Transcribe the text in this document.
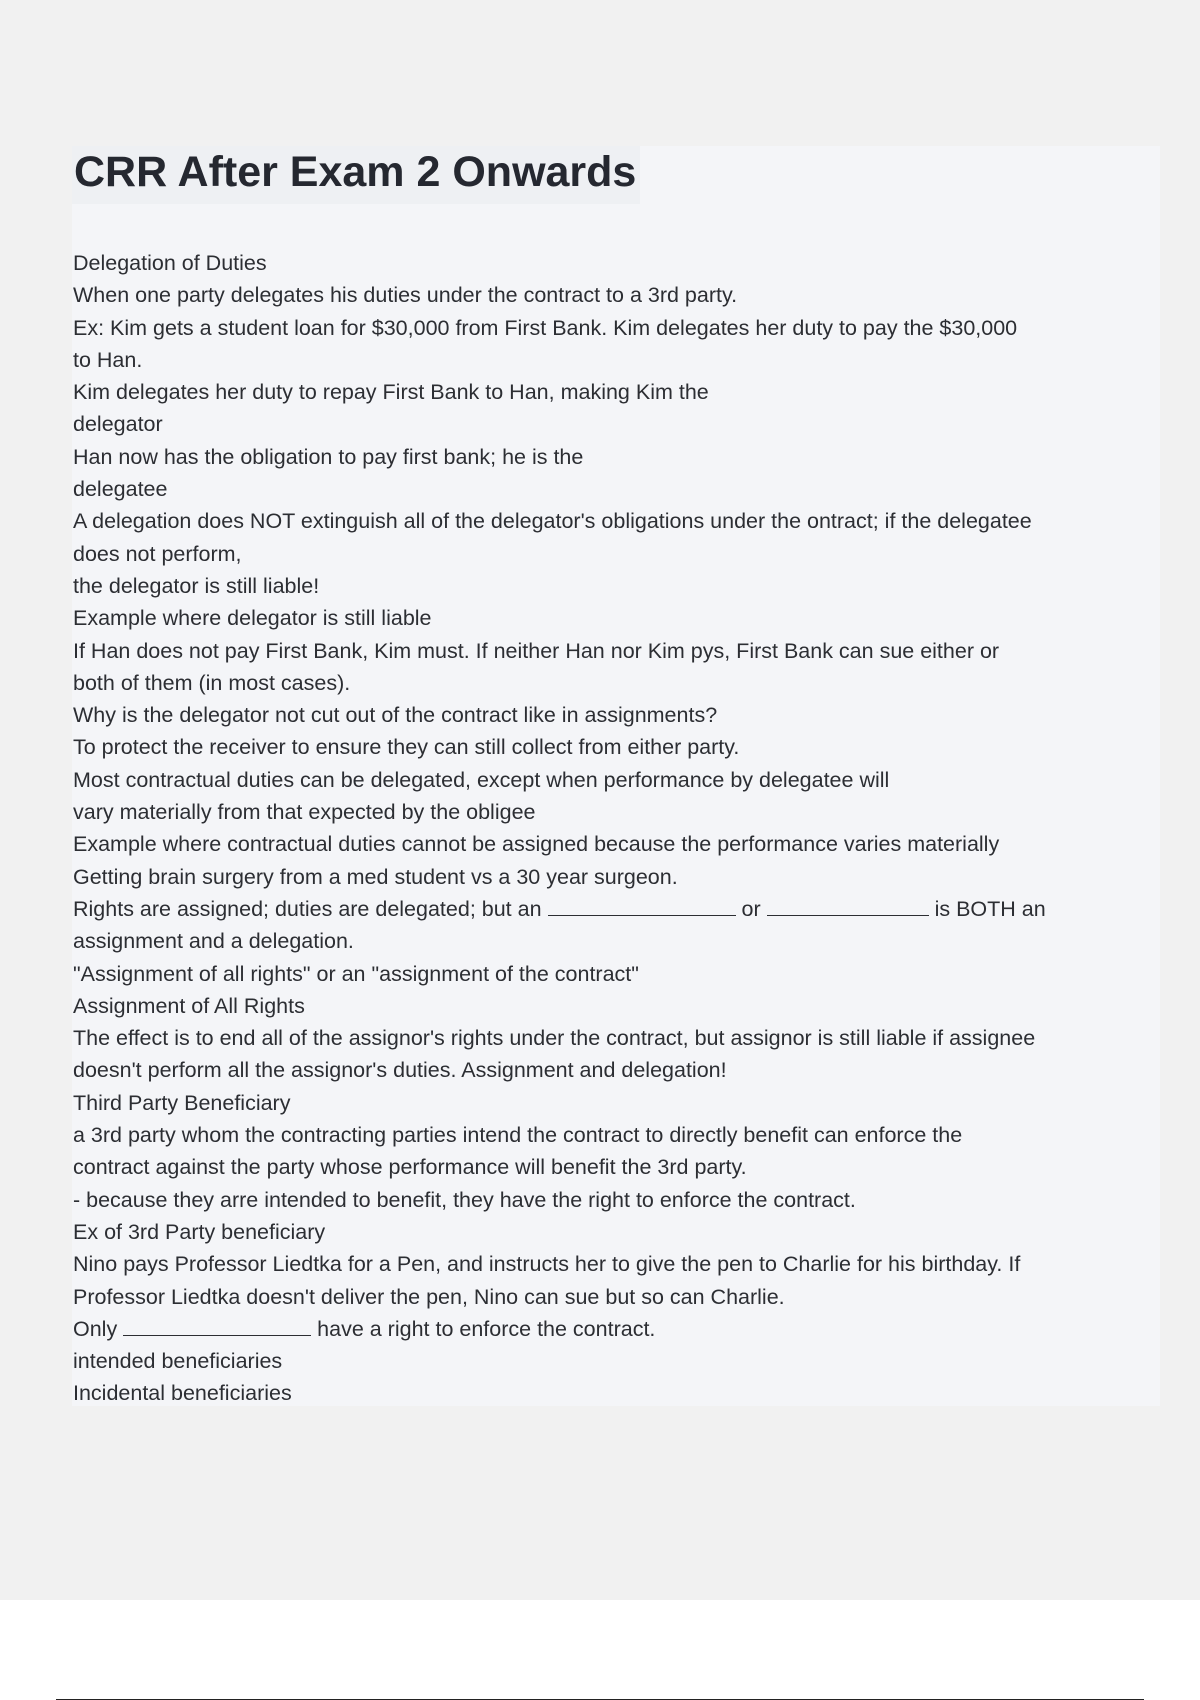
CRR After Exam 2 Onwards
Delegation of Duties
When one party delegates his duties under the contract to a 3rd party.
Ex: Kim gets a student loan for $30,000 from First Bank. Kim delegates her duty to pay the $30,000
to Han.
Kim delegates her duty to repay First Bank to Han, making Kim the
delegator
Han now has the obligation to pay first bank; he is the
delegatee
A delegation does NOT extinguish all of the delegator's obligations under the ontract; if the delegatee
does not perform,
the delegator is still liable!
Example where delegator is still liable
If Han does not pay First Bank, Kim must. If neither Han nor Kim pys, First Bank can sue either or
both of them (in most cases).
Why is the delegator not cut out of the contract like in assignments?
To protect the receiver to ensure they can still collect from either party.
Most contractual duties can be delegated, except when performance by delegatee will
vary materially from that expected by the obligee
Example where contractual duties cannot be assigned because the performance varies materially
Getting brain surgery from a med student vs a 30 year surgeon.
Rights are assigned; duties are delegated; but an	or	is BOTH an
assignment and a delegation.
"Assignment of all rights" or an "assignment of the contract"
Assignment of All Rights
The effect is to end all of the assignor's rights under the contract, but assignor is still liable if assignee
doesn't perform all the assignor's duties. Assignment and delegation!
Third Party Beneficiary
a 3rd party whom the contracting parties intend the contract to directly benefit can enforce the
contract against the party whose performance will benefit the 3rd party.
- because they arre intended to benefit, they have the right to enforce the contract.
Ex of 3rd Party beneficiary
Nino pays Professor Liedtka for a Pen, and instructs her to give the pen to Charlie for his birthday. If
Professor Liedtka doesn't deliver the pen, Nino can sue but so can Charlie.
Only	have a right to enforce the contract.
intended beneficiaries
Incidental beneficiaries
